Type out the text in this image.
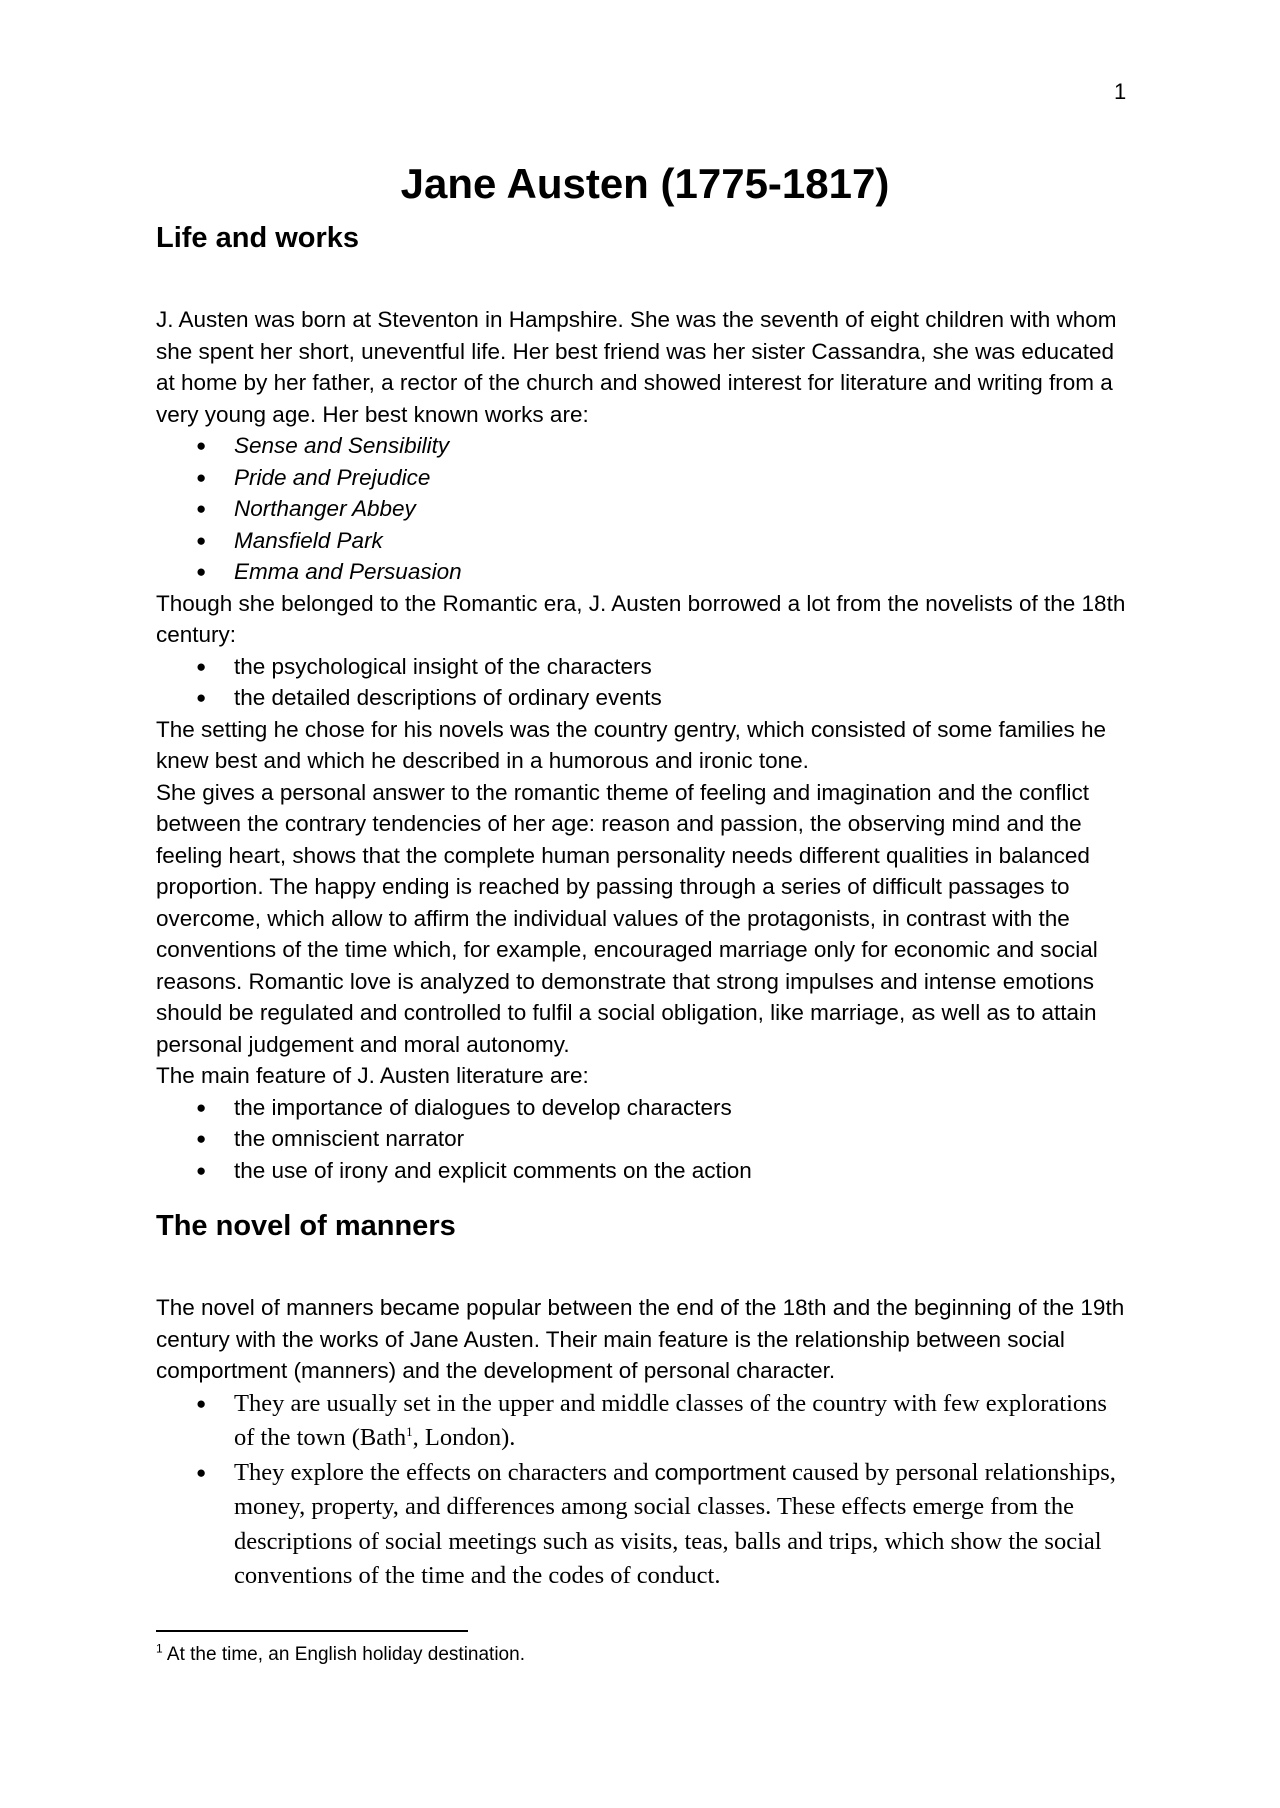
1
Jane Austen (1775-1817)
Life and works

J. Austen was born at Steventon in Hampshire. She was the seventh of eight children with whom she spent her short, uneventful life. Her best friend was her sister Cassandra, she was educated at home by her father, a rector of the church and showed interest for literature and writing from a very young age. Her best known works are:

● Sense and Sensibility
● Pride and Prejudice
● Northanger Abbey
● Mansfield Park
● Emma and Persuasion

Though she belonged to the Romantic era, J. Austen borrowed a lot from the novelists of the 18th century:

● the psychological insight of the characters
● the detailed descriptions of ordinary events

The setting he chose for his novels was the country gentry, which consisted of some families he knew best and which he described in a humorous and ironic tone.

She gives a personal answer to the romantic theme of feeling and imagination and the conflict between the contrary tendencies of her age: reason and passion, the observing mind and the feeling heart, shows that the complete human personality needs different qualities in balanced proportion. The happy ending is reached by passing through a series of difficult passages to overcome, which allow to affirm the individual values of the protagonists, in contrast with the conventions of the time which, for example, encouraged marriage only for economic and social reasons. Romantic love is analyzed to demonstrate that strong impulses and intense emotions should be regulated and controlled to fulfil a social obligation, like marriage, as well as to attain personal judgement and moral autonomy.

The main feature of J. Austen literature are:

● the importance of dialogues to develop characters
● the omniscient narrator
● the use of irony and explicit comments on the action
The novel of manners

The novel of manners became popular between the end of the 18th and the beginning of the 19th century with the works of Jane Austen. Their main feature is the relationship between social comportment (manners) and the development of personal character.

● They are usually set in the upper and middle classes of the country with few explorations of the town (Bath$^1$, London).
● They explore the effects on characters and comportment caused by personal relationships, money, property, and differences among social classes. These effects emerge from the descriptions of social meetings such as visits, teas, balls and trips, which show the social conventions of the time and the codes of conduct.
$^1$ At the time, an English holiday destination.
